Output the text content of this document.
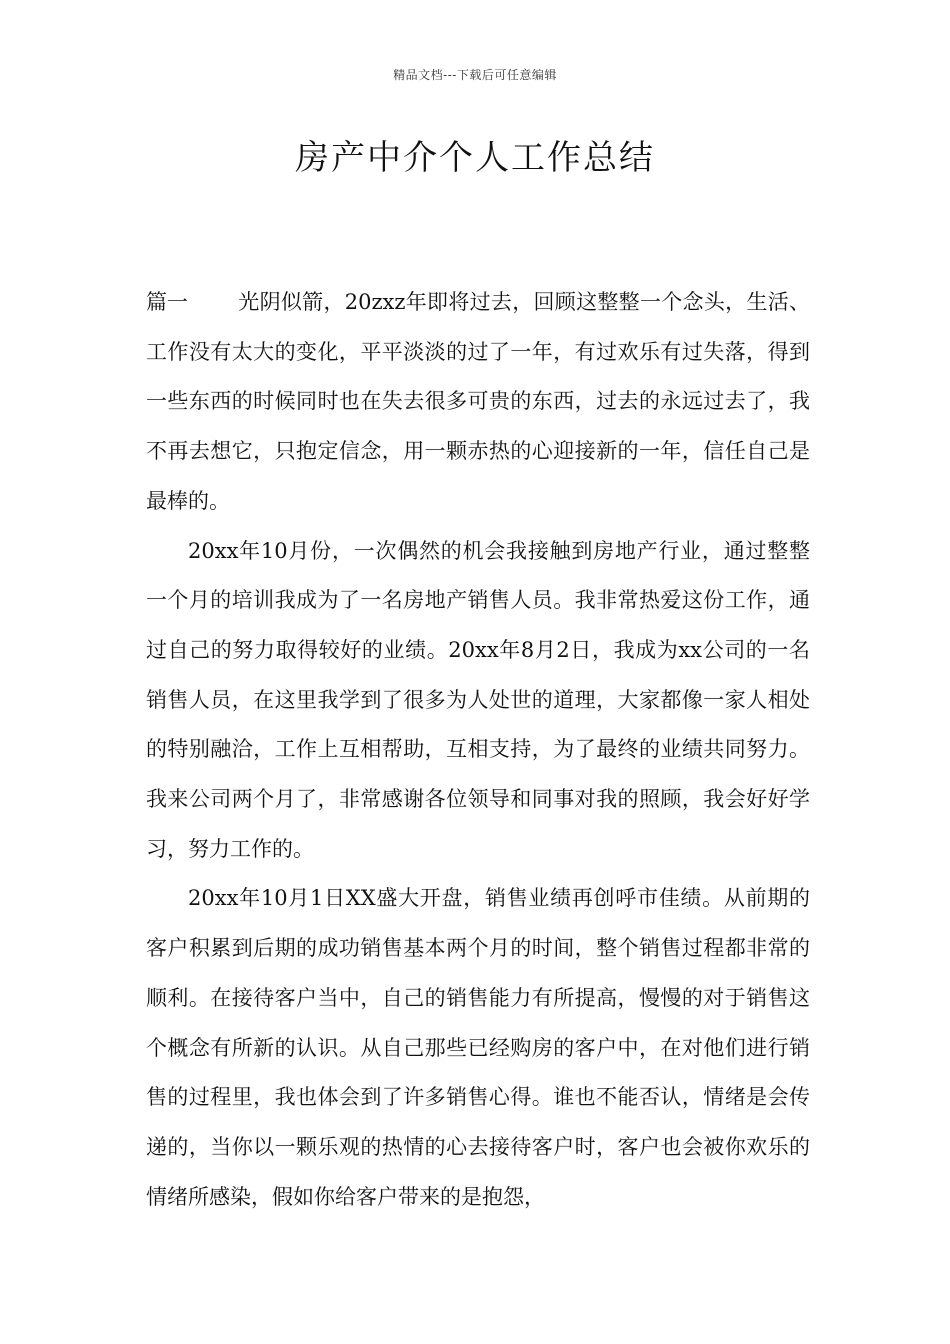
精品文档---下载后可任意编辑
房产中介个人工作总结

篇一 光阴似箭，20zxz年即将过去，回顾这整整一个念头，生活、工作没有太大的变化，平平淡淡的过了一年，有过欢乐有过失落，得到一些东西的时候同时也在失去很多可贵的东西，过去的永远过去了，我不再去想它，只抱定信念，用一颗赤热的心迎接新的一年，信任自己是最棒的。

20xx年10月份，一次偶然的机会我接触到房地产行业，通过整整一个月的培训我成为了一名房地产销售人员。我非常热爱这份工作，通过自己的努力取得较好的业绩。20xx年8月2日，我成为xx公司的一名销售人员，在这里我学到了很多为人处世的道理，大家都像一家人相处的特别融洽，工作上互相帮助，互相支持，为了最终的业绩共同努力。我来公司两个月了，非常感谢各位领导和同事对我的照顾，我会好好学习，努力工作的。

20xx年10月1日XX盛大开盘，销售业绩再创呼市佳绩。从前期的客户积累到后期的成功销售基本两个月的时间，整个销售过程都非常的顺利。在接待客户当中，自己的销售能力有所提高，慢慢的对于销售这个概念有所新的认识。从自己那些已经购房的客户中，在对他们进行销售的过程里，我也体会到了许多销售心得。谁也不能否认，情绪是会传递的，当你以一颗乐观的热情的心去接待客户时，客户也会被你欢乐的情绪所感染，假如你给客户带来的是抱怨，
